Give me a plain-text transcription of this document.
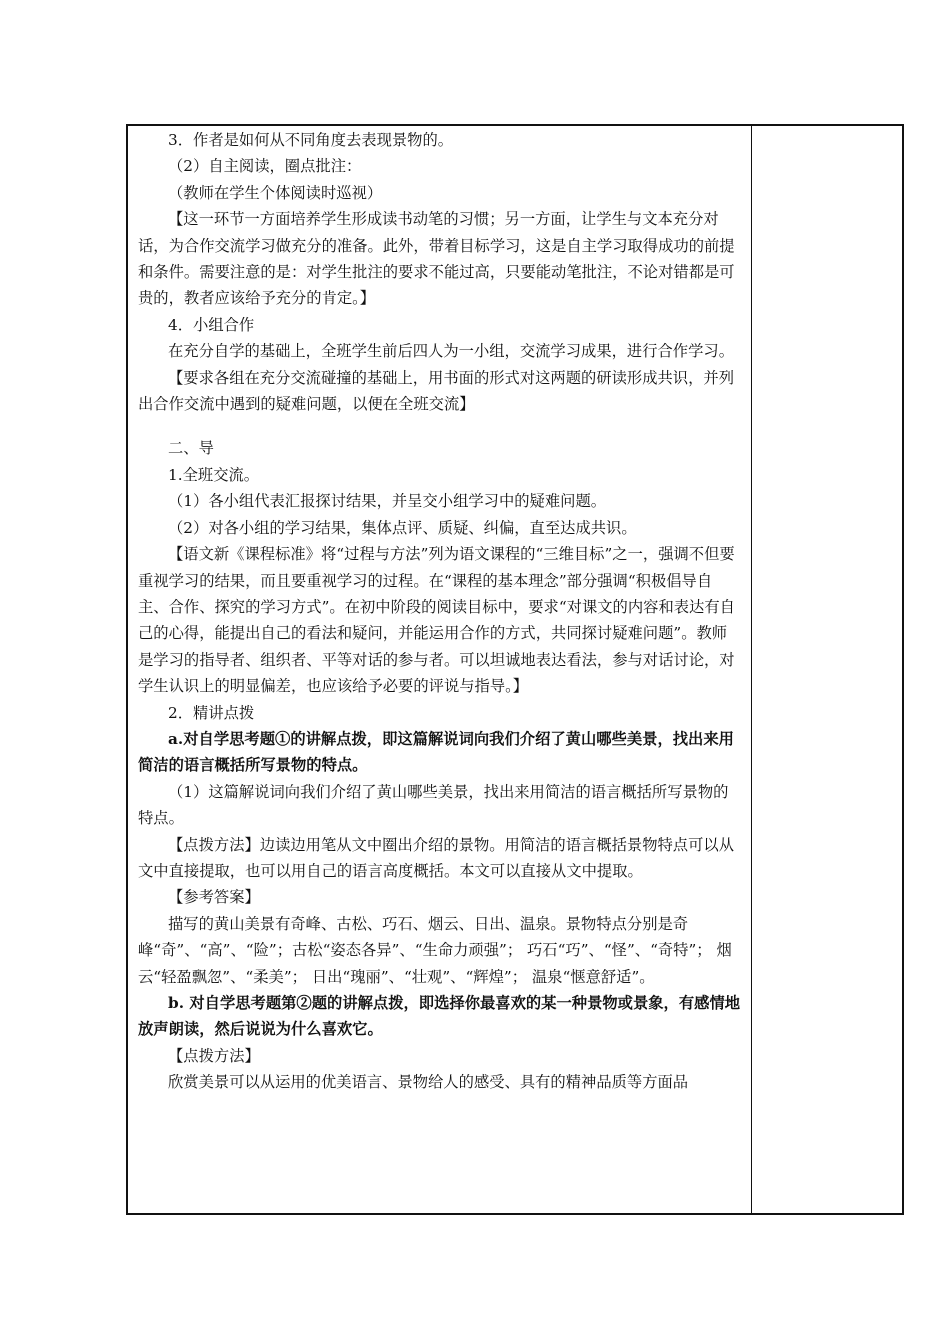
3．作者是如何从不同角度去表现景物的。

（2）自主阅读，圈点批注：

（教师在学生个体阅读时巡视）

【这一环节一方面培养学生形成读书动笔的习惯；另一方面，让学生与文本充分对话，为合作交流学习做充分的准备。此外，带着目标学习，这是自主学习取得成功的前提和条件。需要注意的是：对学生批注的要求不能过高，只要能动笔批注，不论对错都是可贵的，教者应该给予充分的肯定。】

4．小组合作

在充分自学的基础上，全班学生前后四人为一小组，交流学习成果，进行合作学习。

【要求各组在充分交流碰撞的基础上，用书面的形式对这两题的研读形成共识，并列出合作交流中遇到的疑难问题，以便在全班交流】

二、导

1.全班交流。

（1）各小组代表汇报探讨结果，并呈交小组学习中的疑难问题。

（2）对各小组的学习结果，集体点评、质疑、纠偏，直至达成共识。

【语文新《课程标准》将“过程与方法”列为语文课程的“三维目标”之一，强调不但要重视学习的结果，而且要重视学习的过程。在“课程的基本理念”部分强调“积极倡导自主、合作、探究的学习方式”。在初中阶段的阅读目标中，要求“对课文的内容和表达有自己的心得，能提出自己的看法和疑问，并能运用合作的方式，共同探讨疑难问题”。教师是学习的指导者、组织者、平等对话的参与者。可以坦诚地表达看法，参与对话讨论，对学生认识上的明显偏差，也应该给予必要的评说与指导。】

2．精讲点拨

a.对自学思考题①的讲解点拨，即这篇解说词向我们介绍了黄山哪些美景，找出来用简洁的语言概括所写景物的特点。

（1）这篇解说词向我们介绍了黄山哪些美景，找出来用简洁的语言概括所写景物的特点。

【点拨方法】边读边用笔从文中圈出介绍的景物。用简洁的语言概括景物特点可以从文中直接提取，也可以用自己的语言高度概括。本文可以直接从文中提取。

【参考答案】

描写的黄山美景有奇峰、古松、巧石、烟云、日出、温泉。景物特点分别是奇峰“奇”、“高”、“险”；古松“姿态各异”、“生命力顽强”； 巧石“巧”、“怪”、“奇特”； 烟云“轻盈飘忽”、“柔美”； 日出“瑰丽”、“壮观”、“辉煌”； 温泉“惬意舒适”。

b. 对自学思考题第②题的讲解点拨，即选择你最喜欢的某一种景物或景象，有感情地放声朗读，然后说说为什么喜欢它。

【点拨方法】

欣赏美景可以从运用的优美语言、景物给人的感受、具有的精神品质等方面品
